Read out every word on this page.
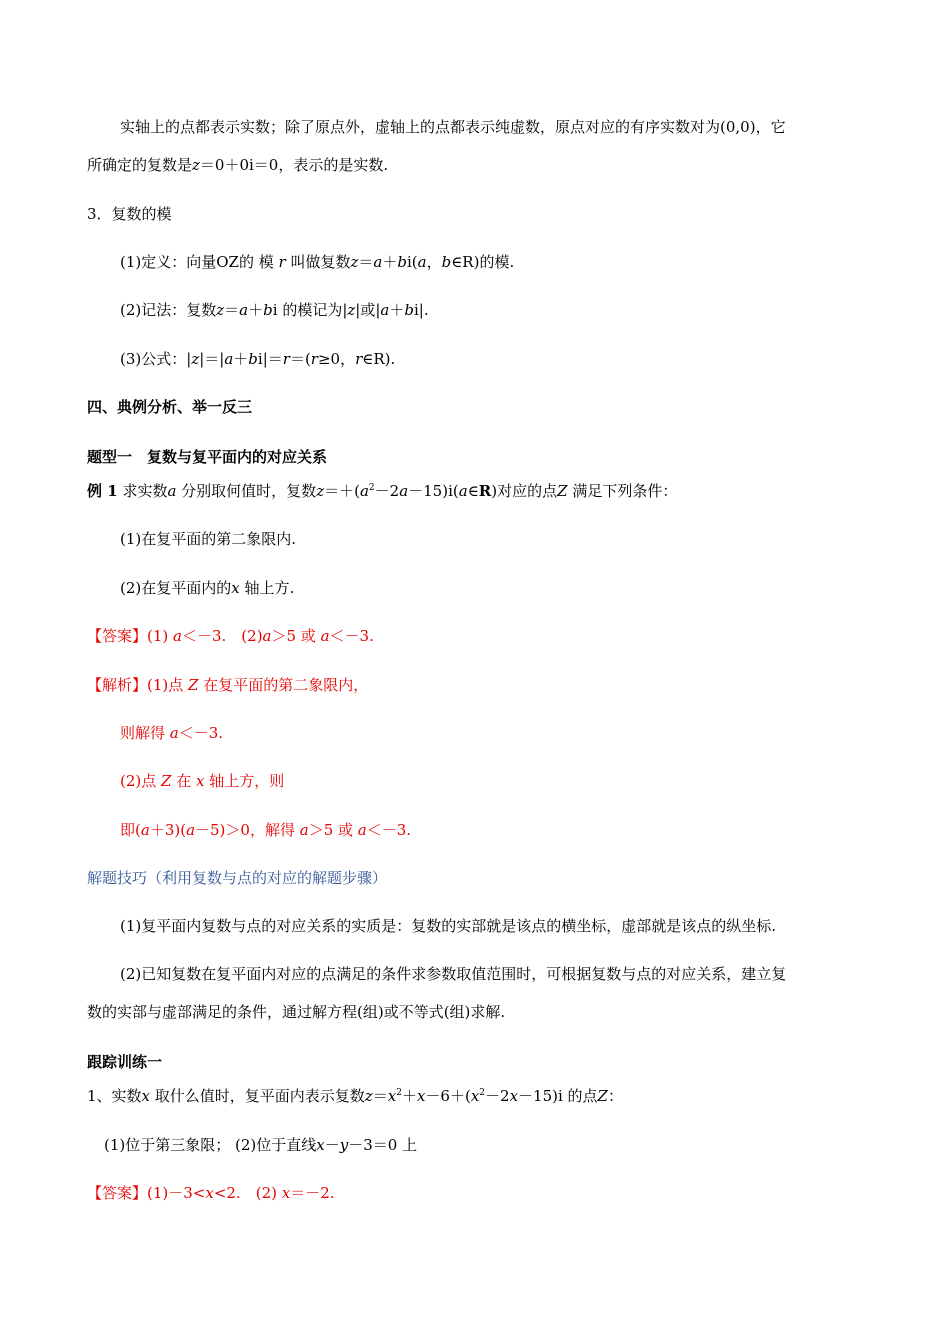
实轴上的点都表示实数；除了原点外，虚轴上的点都表示纯虚数，原点对应的有序实数对为(0,0)，它
所确定的复数是z＝0＋0i＝0，表示的是实数.
3．复数的模
(1)定义：向量OZ的 模 r 叫做复数z＝a＋bi(a，b∈R)的模.
(2)记法：复数z＝a＋bi 的模记为|z|或|a＋bi|.
(3)公式：|z|＝|a＋bi|＝r＝(r≥0，r∈R).
四、典例分析、举一反三
题型一　复数与复平面内的对应关系
例 1 求实数a 分别取何值时，复数$z=+(a^2-2a-15)i(a\in R)$对应的点Z 满足下列条件：
(1)在复平面的第二象限内.
(2)在复平面内的x 轴上方.
【答案】(1) a＜－3.　(2)a＞5 或 a＜－3.
【解析】(1)点 Z 在复平面的第二象限内，
则解得 a＜－3.
(2)点 Z 在 x 轴上方，则
即(a＋3)(a－5)＞0，解得 a＞5 或 a＜－3.
解题技巧（利用复数与点的对应的解题步骤）
(1)复平面内复数与点的对应关系的实质是：复数的实部就是该点的横坐标，虚部就是该点的纵坐标.
(2)已知复数在复平面内对应的点满足的条件求参数取值范围时，可根据复数与点的对应关系，建立复
数的实部与虚部满足的条件，通过解方程(组)或不等式(组)求解.
跟踪训练一
1、实数x 取什么值时，复平面内表示复数$z=x^2+x-6+(x^2-2x-15)i$ 的点Z：
(1)位于第三象限； (2)位于直线x－y－3＝0 上
【答案】(1)－3<x<2.　(2) x＝－2.
